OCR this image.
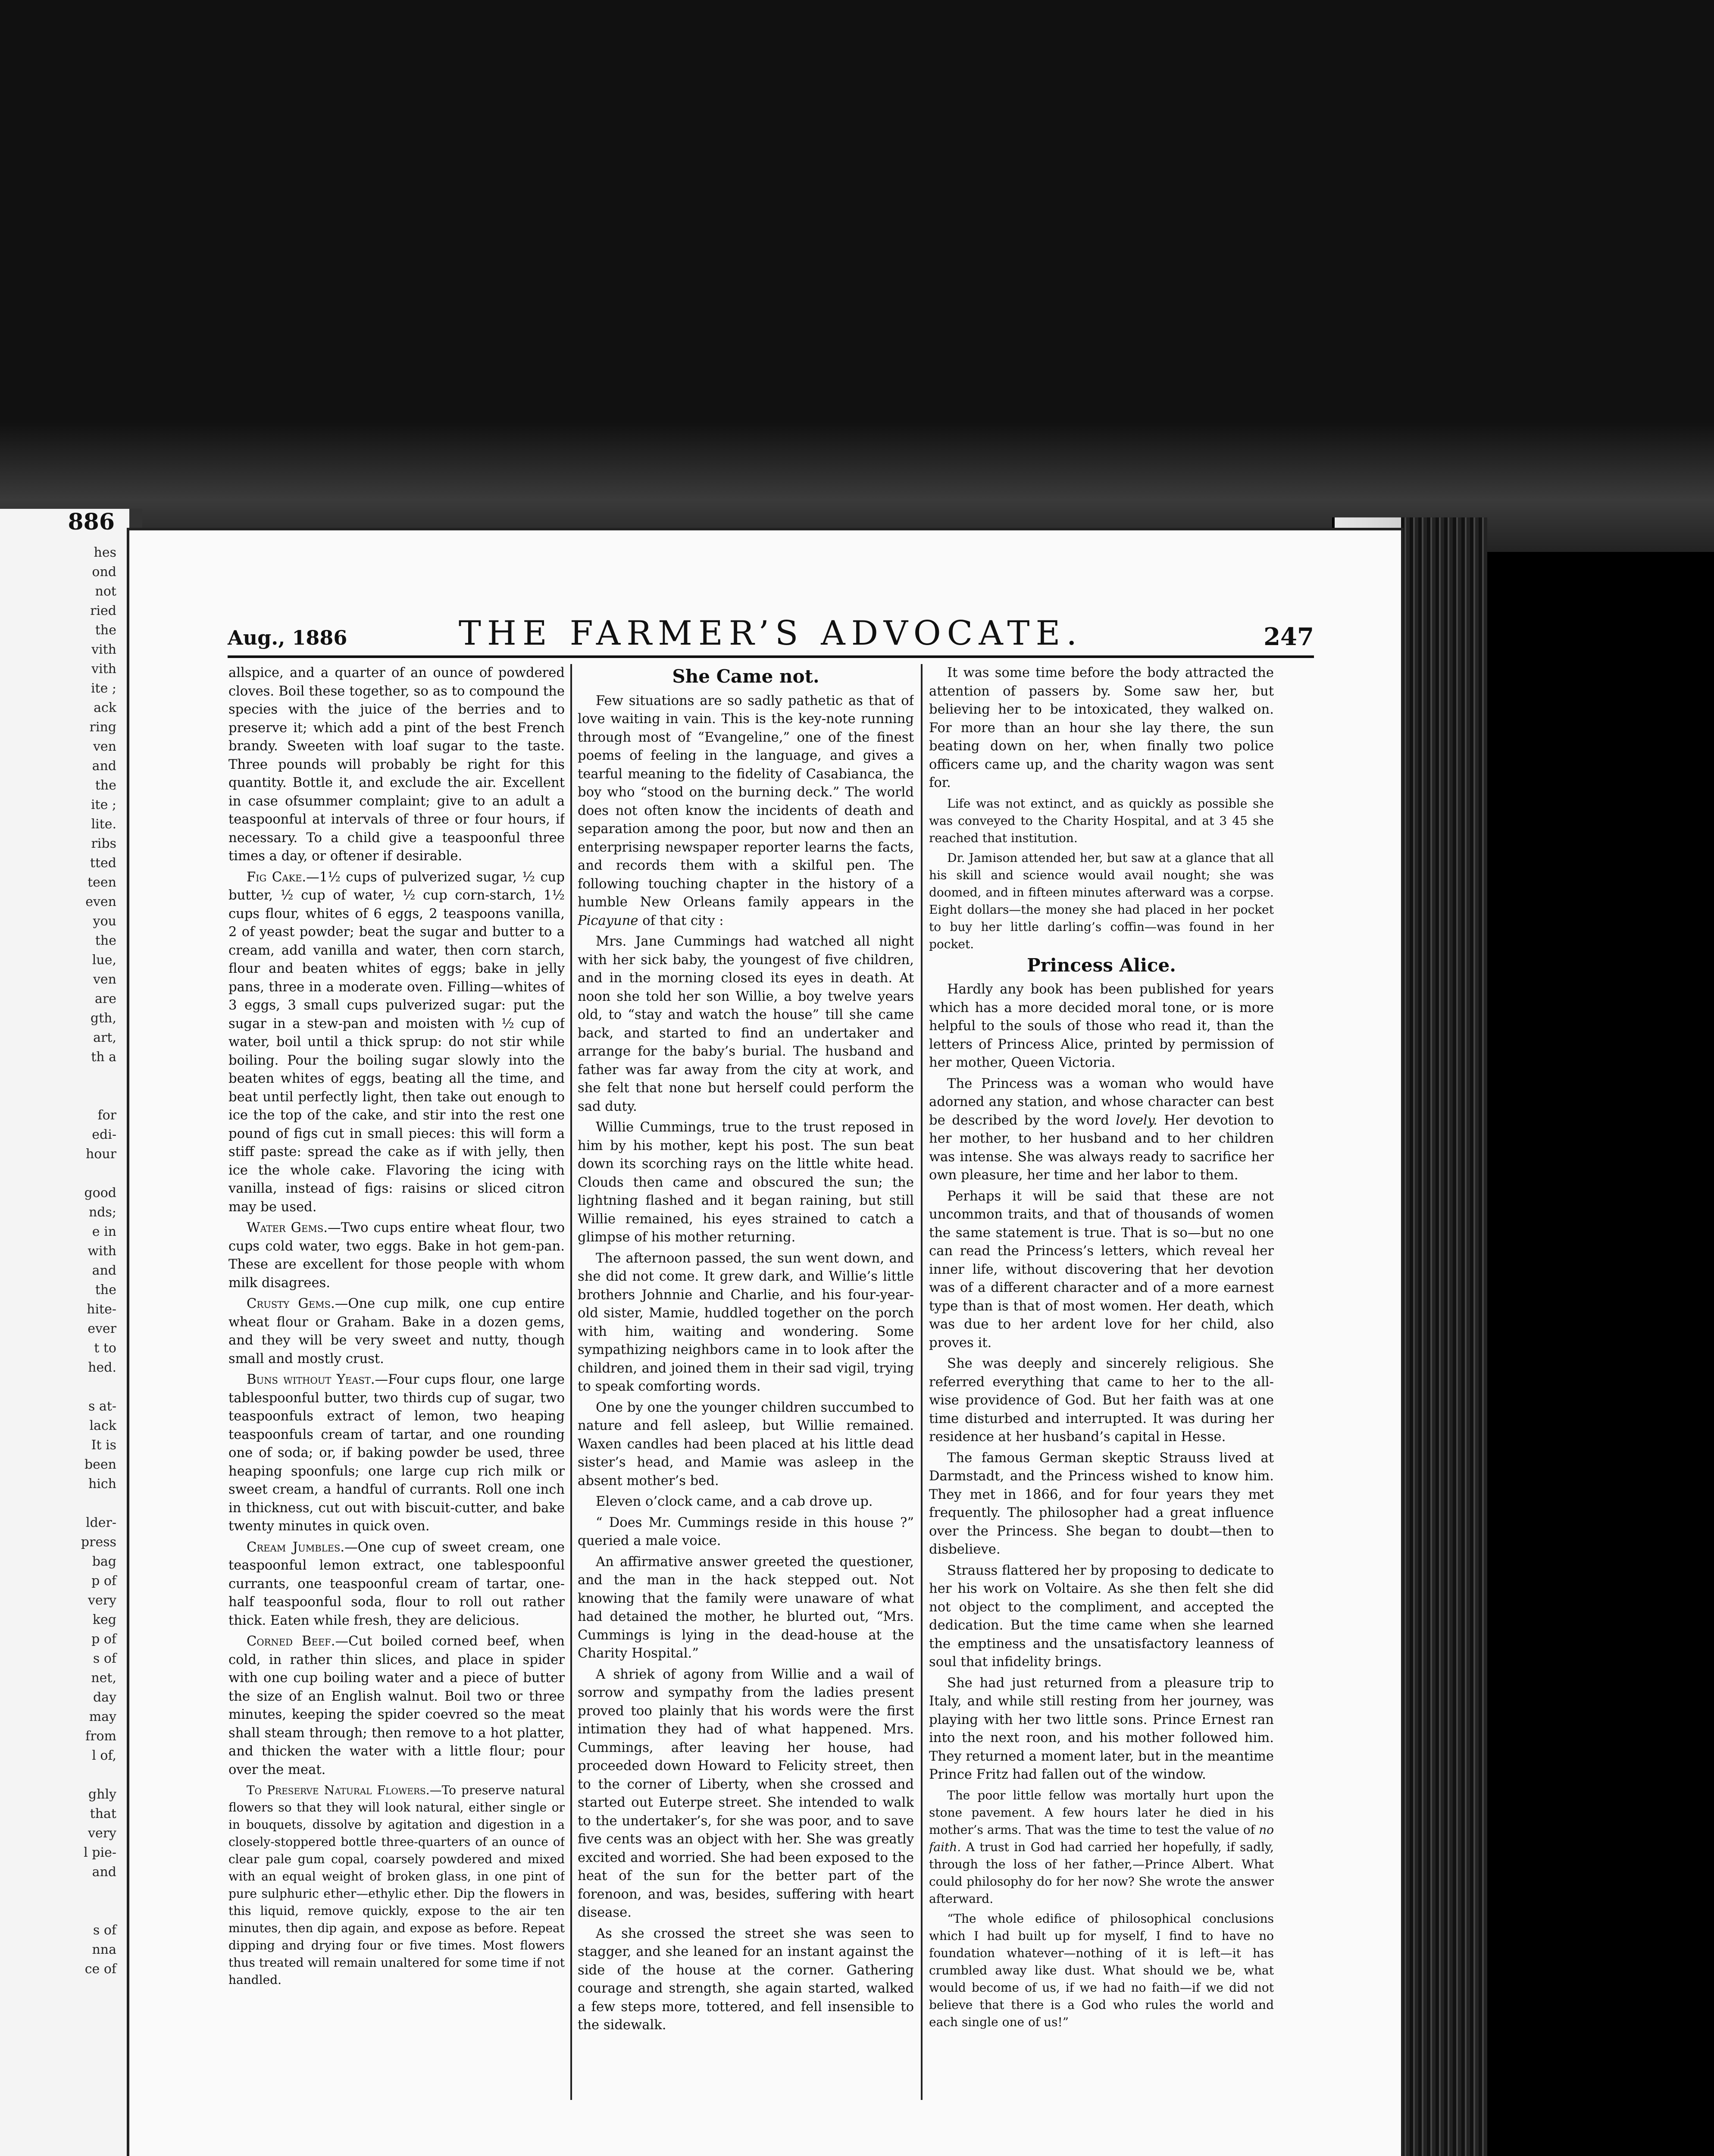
886
hes
ond
not
ried
the
vith
vith
ite ;
ack
ring
ven
and
the
ite ;
lite.
ribs
tted
teen
even
you
the
lue,
ven
are
gth,
art,
th a

for
edi-
hour

good
nds;
e in
with
and
the
hite-
ever
t to
hed.

s at-
lack
It is
been
hich

lder-
press
bag
p of
very
keg
p of
s of
net,
day
may
from
l of,

ghly
that
very
l pie-
and

s of
nna
ce of
Aug., 1886	THE FARMER’S ADVOCATE.	247

allspice, and a quarter of an ounce of powdered cloves. Boil these together, so as to compound the species with the juice of the berries and to preserve it; which add a pint of the best French brandy. Sweeten with loaf sugar to the taste. Three pounds will probably be right for this quantity. Bottle it, and exclude the air. Excellent in case ofsummer complaint; give to an adult a teaspoonful at intervals of three or four hours, if necessary. To a child give a teaspoonful three times a day, or oftener if desirable.

Fig Cake.—1½ cups of pulverized sugar, ½ cup butter, ½ cup of water, ½ cup corn-starch, 1½ cups flour, whites of 6 eggs, 2 teaspoons vanilla, 2 of yeast powder; beat the sugar and butter to a cream, add vanilla and water, then corn starch, flour and beaten whites of eggs; bake in jelly pans, three in a moderate oven. Filling—whites of 3 eggs, 3 small cups pulverized sugar: put the sugar in a stew-pan and moisten with ½ cup of water, boil until a thick sprup: do not stir while boiling. Pour the boiling sugar slowly into the beaten whites of eggs, beating all the time, and beat until perfectly light, then take out enough to ice the top of the cake, and stir into the rest one pound of figs cut in small pieces: this will form a stiff paste: spread the cake as if with jelly, then ice the whole cake. Flavoring the icing with vanilla, instead of figs: raisins or sliced citron may be used.

Water Gems.—Two cups entire wheat flour, two cups cold water, two eggs. Bake in hot gem-pan. These are excellent for those people with whom milk disagrees.

Crusty Gems.—One cup milk, one cup entire wheat flour or Graham. Bake in a dozen gems, and they will be very sweet and nutty, though small and mostly crust.

Buns without Yeast.—Four cups flour, one large tablespoonful butter, two thirds cup of sugar, two teaspoonfuls extract of lemon, two heaping teaspoonfuls cream of tartar, and one rounding one of soda; or, if baking powder be used, three heaping spoonfuls; one large cup rich milk or sweet cream, a handful of currants. Roll one inch in thickness, cut out with biscuit-cutter, and bake twenty minutes in quick oven.

Cream Jumbles.—One cup of sweet cream, one teaspoonful lemon extract, one tablespoonful currants, one teaspoonful cream of tartar, one-half teaspoonful soda, flour to roll out rather thick. Eaten while fresh, they are delicious.

Corned Beef.—Cut boiled corned beef, when cold, in rather thin slices, and place in spider with one cup boiling water and a piece of butter the size of an English walnut. Boil two or three minutes, keeping the spider coevred so the meat shall steam through; then remove to a hot platter, and thicken the water with a little flour; pour over the meat.

To Preserve Natural Flowers.—To preserve natural flowers so that they will look natural, either single or in bouquets, dissolve by agitation and digestion in a closely-stoppered bottle three-quarters of an ounce of clear pale gum copal, coarsely powdered and mixed with an equal weight of broken glass, in one pint of pure sulphuric ether—ethylic ether. Dip the flowers in this liquid, remove quickly, expose to the air ten minutes, then dip again, and expose as before. Repeat dipping and drying four or five times. Most flowers thus treated will remain unaltered for some time if not handled.

She Came not.

Few situations are so sadly pathetic as that of love waiting in vain. This is the key-note running through most of “Evangeline,” one of the finest poems of feeling in the language, and gives a tearful meaning to the fidelity of Casabianca, the boy who “stood on the burning deck.” The world does not often know the incidents of death and separation among the poor, but now and then an enterprising newspaper reporter learns the facts, and records them with a skilful pen. The following touching chapter in the history of a humble New Orleans family appears in the Picayune of that city :

Mrs. Jane Cummings had watched all night with her sick baby, the youngest of five children, and in the morning closed its eyes in death. At noon she told her son Willie, a boy twelve years old, to “stay and watch the house” till she came back, and started to find an undertaker and arrange for the baby’s burial. The husband and father was far away from the city at work, and she felt that none but herself could perform the sad duty.

Willie Cummings, true to the trust reposed in him by his mother, kept his post. The sun beat down its scorching rays on the little white head. Clouds then came and obscured the sun; the lightning flashed and it began raining, but still Willie remained, his eyes strained to catch a glimpse of his mother returning.

The afternoon passed, the sun went down, and she did not come. It grew dark, and Willie’s little brothers Johnnie and Charlie, and his four-year-old sister, Mamie, huddled together on the porch with him, waiting and wondering. Some sympathizing neighbors came in to look after the children, and joined them in their sad vigil, trying to speak comforting words.

One by one the younger children succumbed to nature and fell asleep, but Willie remained. Waxen candles had been placed at his little dead sister’s head, and Mamie was asleep in the absent mother’s bed.

Eleven o’clock came, and a cab drove up.

“ Does Mr. Cummings reside in this house ?” queried a male voice.

An affirmative answer greeted the questioner, and the man in the hack stepped out. Not knowing that the family were unaware of what had detained the mother, he blurted out, “Mrs. Cummings is lying in the dead-house at the Charity Hospital.”

A shriek of agony from Willie and a wail of sorrow and sympathy from the ladies present proved too plainly that his words were the first intimation they had of what happened. Mrs. Cummings, after leaving her house, had proceeded down Howard to Felicity street, then to the corner of Liberty, when she crossed and started out Euterpe street. She intended to walk to the undertaker’s, for she was poor, and to save five cents was an object with her. She was greatly excited and worried. She had been exposed to the heat of the sun for the better part of the forenoon, and was, besides, suffering with heart disease.

As she crossed the street she was seen to stagger, and she leaned for an instant against the side of the house at the corner. Gathering courage and strength, she again started, walked a few steps more, tottered, and fell insensible to the sidewalk.

It was some time before the body attracted the attention of passers by. Some saw her, but believing her to be intoxicated, they walked on. For more than an hour she lay there, the sun beating down on her, when finally two police officers came up, and the charity wagon was sent for.

Life was not extinct, and as quickly as possible she was conveyed to the Charity Hospital, and at 3 45 she reached that institution.

Dr. Jamison attended her, but saw at a glance that all his skill and science would avail nought; she was doomed, and in fifteen minutes afterward was a corpse. Eight dollars—the money she had placed in her pocket to buy her little darling’s coffin—was found in her pocket.

Princess Alice.

Hardly any book has been published for years which has a more decided moral tone, or is more helpful to the souls of those who read it, than the letters of Princess Alice, printed by permission of her mother, Queen Victoria.

The Princess was a woman who would have adorned any station, and whose character can best be described by the word lovely. Her devotion to her mother, to her husband and to her children was intense. She was always ready to sacrifice her own pleasure, her time and her labor to them.

Perhaps it will be said that these are not uncommon traits, and that of thousands of women the same statement is true. That is so—but no one can read the Princess’s letters, which reveal her inner life, without discovering that her devotion was of a different character and of a more earnest type than is that of most women. Her death, which was due to her ardent love for her child, also proves it.

She was deeply and sincerely religious. She referred everything that came to her to the all-wise providence of God. But her faith was at one time disturbed and interrupted. It was during her residence at her husband’s capital in Hesse.

The famous German skeptic Strauss lived at Darmstadt, and the Princess wished to know him. They met in 1866, and for four years they met frequently. The philosopher had a great influence over the Princess. She began to doubt—then to disbelieve.

Strauss flattered her by proposing to dedicate to her his work on Voltaire. As she then felt she did not object to the compliment, and accepted the dedication. But the time came when she learned the emptiness and the unsatisfactory leanness of soul that infidelity brings.

She had just returned from a pleasure trip to Italy, and while still resting from her journey, was playing with her two little sons. Prince Ernest ran into the next roon, and his mother followed him. They returned a moment later, but in the meantime Prince Fritz had fallen out of the window.

The poor little fellow was mortally hurt upon the stone pavement. A few hours later he died in his mother’s arms. That was the time to test the value of no faith. A trust in God had carried her hopefully, if sadly, through the loss of her father,—Prince Albert. What could philosophy do for her now? She wrote the answer afterward.

“The whole edifice of philosophical conclusions which I had built up for myself, I find to have no foundation whatever—nothing of it is left—it has crumbled away like dust. What should we be, what would become of us, if we had no faith—if we did not believe that there is a God who rules the world and each single one of us!”
